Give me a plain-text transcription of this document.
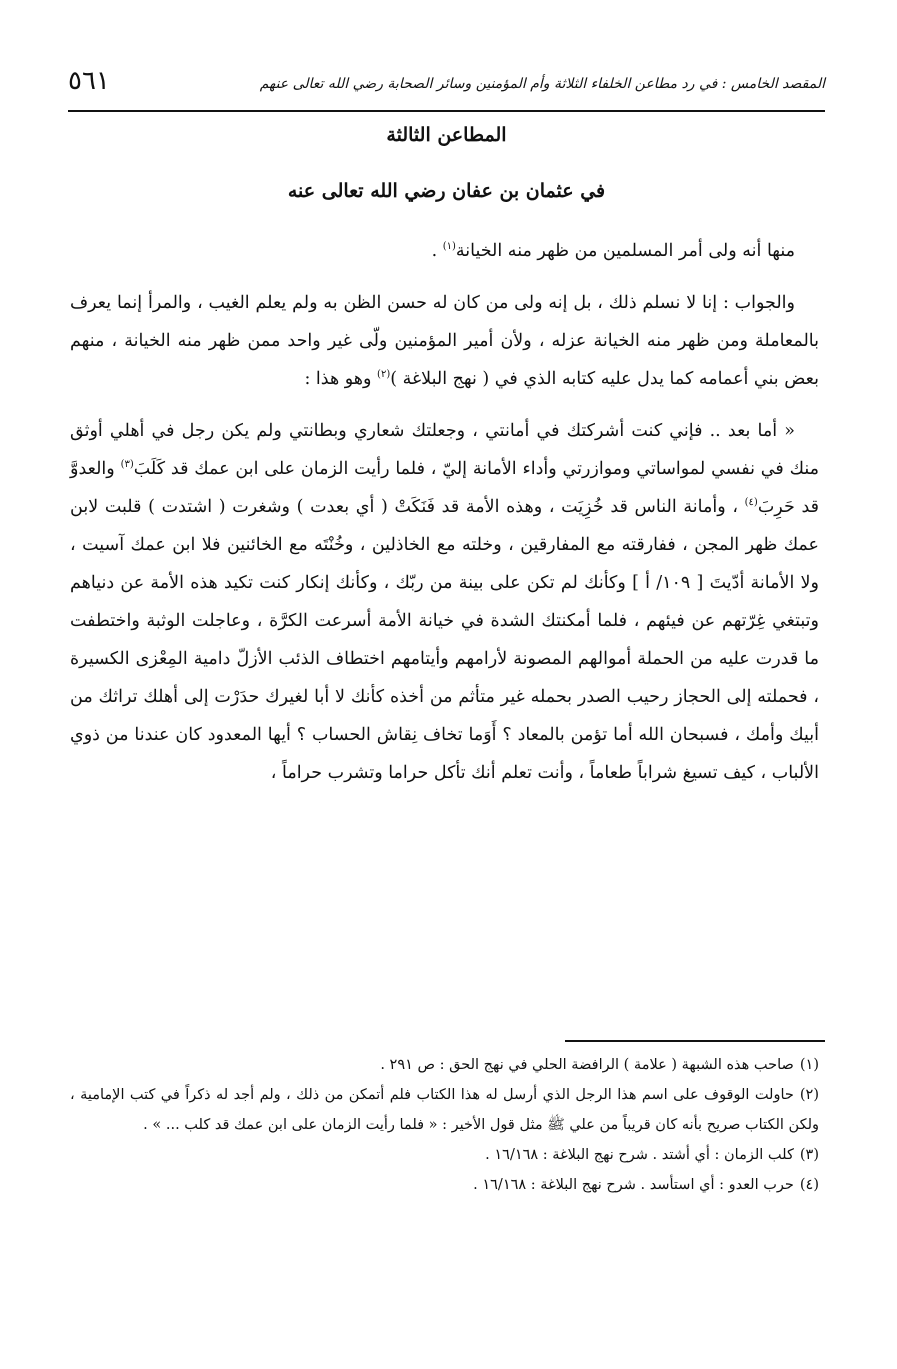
المقصد الخامس : في رد مطاعن الخلفاء الثلاثة وأم المؤمنين وسائر الصحابة رضي الله تعالى عنهم
٥٦١
المطاعن الثالثة
في عثمان بن عفان رضي الله تعالى عنه

منها أنه ولى أمر المسلمين من ظهر منه الخيانة$^{(١)}$ .

والجواب : إنا لا نسلم ذلك ، بل إنه ولى من كان له حسن الظن به ولم يعلم الغيب ، والمرأ إنما يعرف بالمعاملة ومن ظهر منه الخيانة عزله ، ولأن أمير المؤمنين ولّى غير واحد ممن ظهر منه الخيانة ، منهم بعض بني أعمامه كما يدل عليه كتابه الذي في ( نهج البلاغة )$^{(٢)}$ وهو هذا :

« أما بعد .. فإني كنت أشركتك في أمانتي ، وجعلتك شعاري وبطانتي ولم يكن رجل في أهلي أوثق منك في نفسي لمواساتي وموازرتي وأداء الأمانة إليّ ، فلما رأيت الزمان على ابن عمك قد كَلَبَ$^{(٣)}$ والعدوَّ قد حَرِبَ$^{(٤)}$ ، وأمانة الناس قد خُزِيَت ، وهذه الأمة قد فَنَكَتْ ( أي بعدت ) وشغرت ( اشتدت ) قلبت لابن عمك ظهر المجن ، ففارقته مع المفارقين ، وخلته مع الخاذلين ، وخُنْتَه مع الخائنين فلا ابن عمك آسيت ، ولا الأمانة أدّيتَ [ ١٠٩/ أ ] وكأنك لم تكن على بينة من ربّك ، وكأنك إنكار كنت تكيد هذه الأمة عن دنياهم وتبتغي غِرّتهم عن فيئهم ، فلما أمكنتك الشدة في خيانة الأمة أسرعت الكرَّة ، وعاجلت الوثبة واختطفت ما قدرت عليه من الحملة أموالهم المصونة لأرامهم وأيتامهم اختطاف الذئب الأزلّ دامية المِعْزى الكسيرة ، فحملته إلى الحجاز رحيب الصدر بحمله غير متأثم من أخذه كأنك لا أبا لغيرك حدَرْت إلى أهلك تراثك من أبيك وأمك ، فسبحان الله أما تؤمن بالمعاد ؟ أَوَما تخاف نِقاش الحساب ؟ أيها المعدود كان عندنا من ذوي الألباب ، كيف تسيغ شراباً طعاماً ، وأنت تعلم أنك تأكل حراما وتشرب حراماً ،

(١)صاحب هذه الشبهة ( علامة ) الرافضة الحلي في نهج الحق : ص ٢٩١ .

(٢)حاولت الوقوف على اسم هذا الرجل الذي أرسل له هذا الكتاب فلم أتمكن من ذلك ، ولم أجد له ذكراً في كتب الإمامية ، ولكن الكتاب صريح بأنه كان قريباً من علي ﷺ مثل قول الأخير : « فلما رأيت الزمان على ابن عمك قد كلب ... » .

(٣)كلب الزمان : أي أشتد . شرح نهج البلاغة : ١٦/١٦٨ .

(٤)حرب العدو : أي استأسد . شرح نهج البلاغة : ١٦/١٦٨ .
